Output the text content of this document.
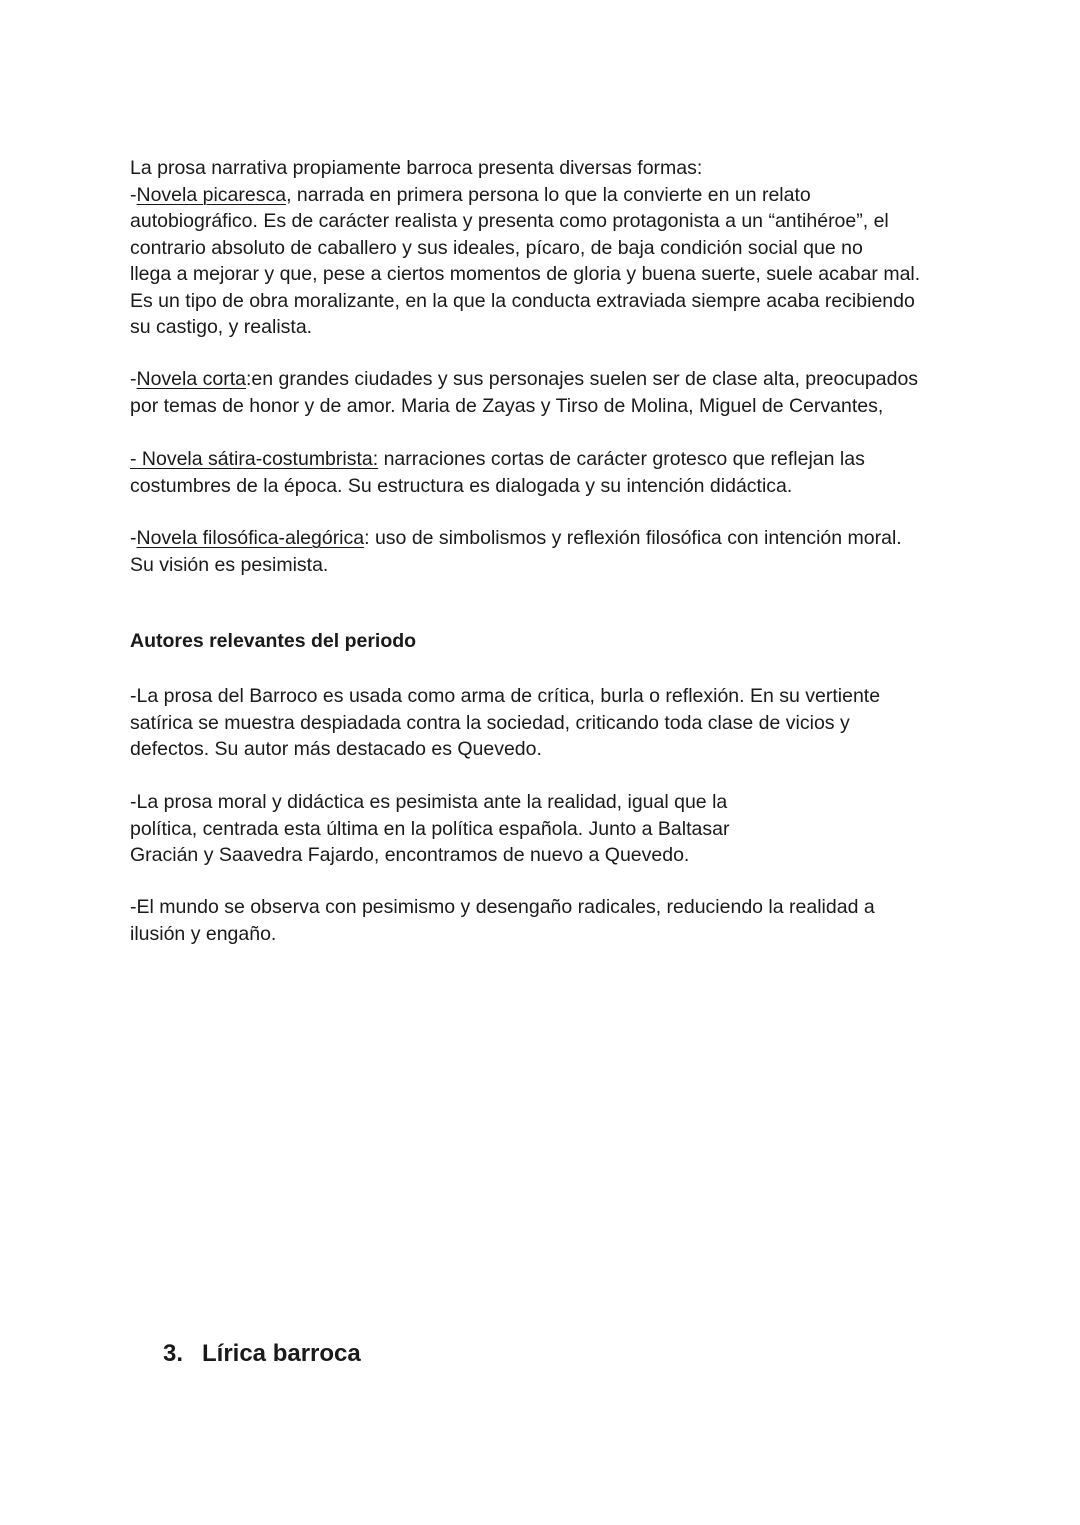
La prosa narrativa propiamente barroca presenta diversas formas:
-Novela picaresca, narrada en primera persona lo que la convierte en un relato
autobiográfico. Es de carácter realista y presenta como protagonista a un “antihéroe”, el
contrario absoluto de caballero y sus ideales, pícaro, de baja condición social que no
llega a mejorar y que, pese a ciertos momentos de gloria y buena suerte, suele acabar mal.
Es un tipo de obra moralizante, en la que la conducta extraviada siempre acaba recibiendo
su castigo, y realista.
-Novela corta:en grandes ciudades y sus personajes suelen ser de clase alta, preocupados
por temas de honor y de amor. Maria de Zayas y Tirso de Molina, Miguel de Cervantes,
- Novela sátira-costumbrista: narraciones cortas de carácter grotesco que reflejan las
costumbres de la época. Su estructura es dialogada y su intención didáctica.
-Novela filosófica-alegórica: uso de simbolismos y reflexión filosófica con intención moral.
Su visión es pesimista.
Autores relevantes del periodo
-La prosa del Barroco es usada como arma de crítica, burla o reflexión. En su vertiente
satírica se muestra despiadada contra la sociedad, criticando toda clase de vicios y
defectos. Su autor más destacado es Quevedo.
-La prosa moral y didáctica es pesimista ante la realidad, igual que la
política, centrada esta última en la política española. Junto a Baltasar
Gracián y Saavedra Fajardo, encontramos de nuevo a Quevedo.
-El mundo se observa con pesimismo y desengaño radicales, reduciendo la realidad a
ilusión y engaño.
3. Lírica barroca
